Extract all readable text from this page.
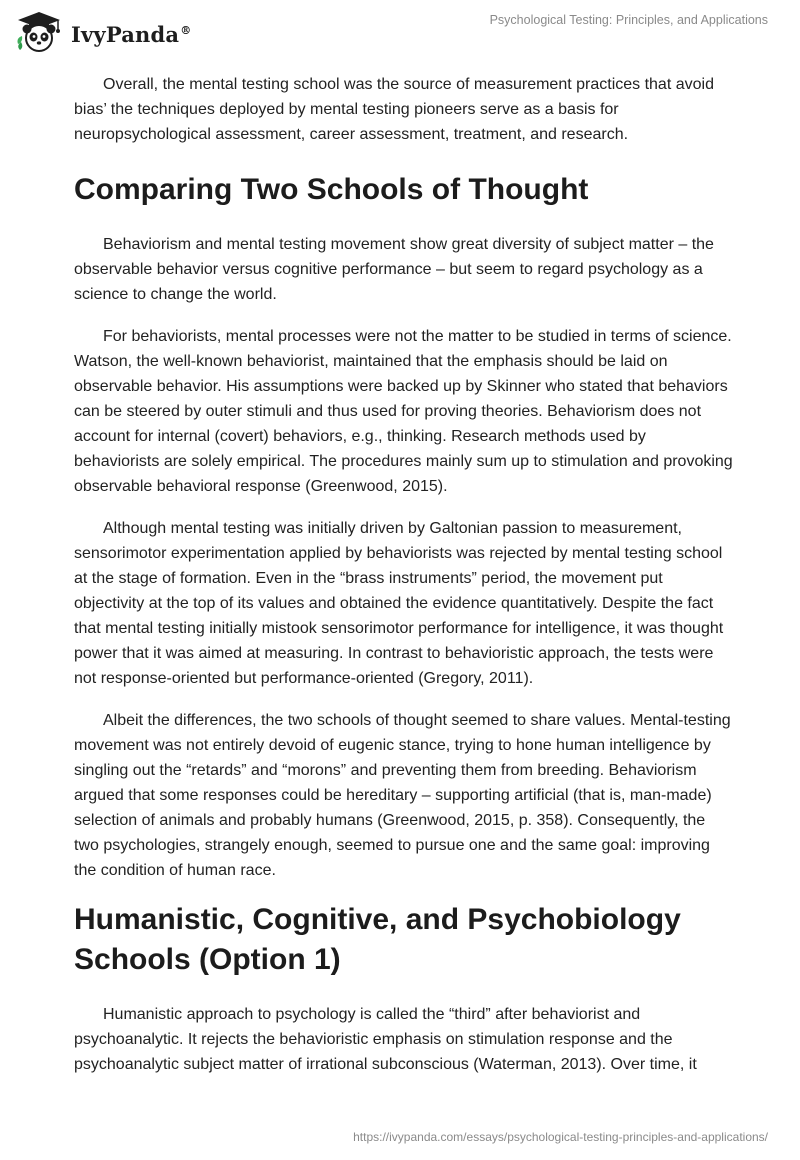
IvyPanda®
Psychological Testing: Principles, and Applications

Overall, the mental testing school was the source of measurement practices that avoid bias’ the techniques deployed by mental testing pioneers serve as a basis for neuropsychological assessment, career assessment, treatment, and research.

Comparing Two Schools of Thought

Behaviorism and mental testing movement show great diversity of subject matter – the observable behavior versus cognitive performance – but seem to regard psychology as a science to change the world.

For behaviorists, mental processes were not the matter to be studied in terms of science. Watson, the well-known behaviorist, maintained that the emphasis should be laid on observable behavior. His assumptions were backed up by Skinner who stated that behaviors can be steered by outer stimuli and thus used for proving theories. Behaviorism does not account for internal (covert) behaviors, e.g., thinking. Research methods used by behaviorists are solely empirical. The procedures mainly sum up to stimulation and provoking observable behavioral response (Greenwood, 2015).

Although mental testing was initially driven by Galtonian passion to measurement, sensorimotor experimentation applied by behaviorists was rejected by mental testing school at the stage of formation. Even in the “brass instruments” period, the movement put objectivity at the top of its values and obtained the evidence quantitatively. Despite the fact that mental testing initially mistook sensorimotor performance for intelligence, it was thought power that it was aimed at measuring. In contrast to behavioristic approach, the tests were not response-oriented but performance-oriented (Gregory, 2011).

Albeit the differences, the two schools of thought seemed to share values. Mental-testing movement was not entirely devoid of eugenic stance, trying to hone human intelligence by singling out the “retards” and “morons” and preventing them from breeding. Behaviorism argued that some responses could be hereditary – supporting artificial (that is, man-made) selection of animals and probably humans (Greenwood, 2015, p. 358). Consequently, the two psychologies, strangely enough, seemed to pursue one and the same goal: improving the condition of human race.

Humanistic, Cognitive, and Psychobiology Schools (Option 1)

Humanistic approach to psychology is called the “third” after behaviorist and psychoanalytic. It rejects the behavioristic emphasis on stimulation response and the psychoanalytic subject matter of irrational subconscious (Waterman, 2013). Over time, it

https://ivypanda.com/essays/psychological-testing-principles-and-applications/
